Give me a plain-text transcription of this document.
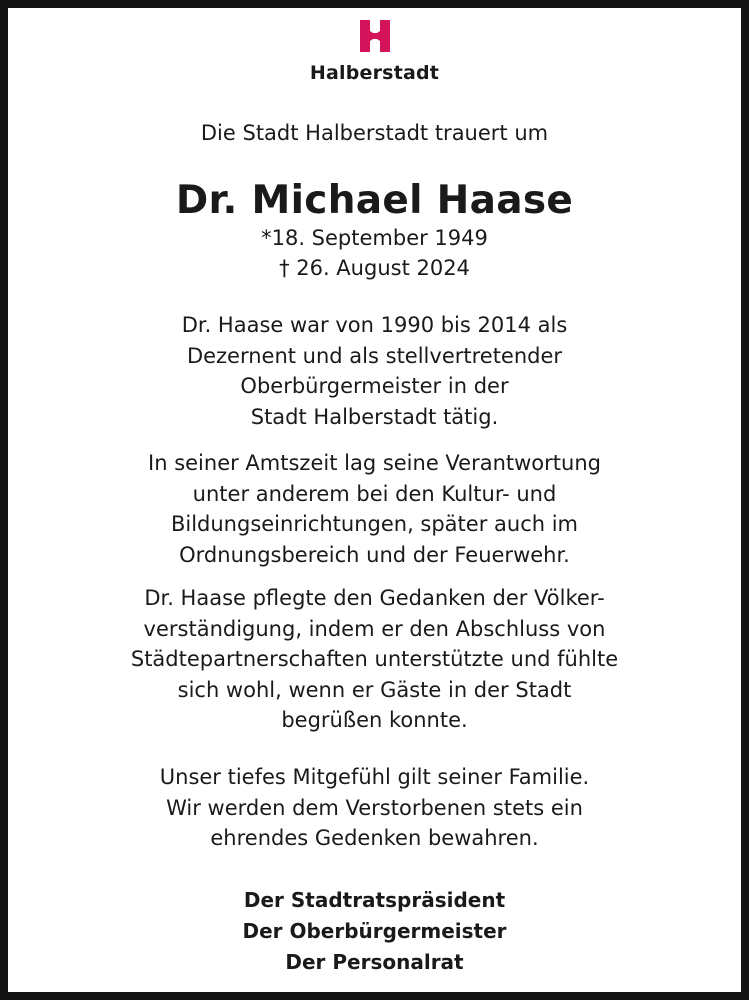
Halberstadt
Die Stadt Halberstadt trauert um
Dr. Michael Haase
*18. September 1949
† 26. August 2024
Dr. Haase war von 1990 bis 2014 als
Dezernent und als stellvertretender
Oberbürgermeister in der
Stadt Halberstadt tätig.
In seiner Amtszeit lag seine Verantwortung
unter anderem bei den Kultur- und
Bildungseinrichtungen, später auch im
Ordnungsbereich und der Feuerwehr.
Dr. Haase pflegte den Gedanken der Völker-
verständigung, indem er den Abschluss von
Städtepartnerschaften unterstützte und fühlte
sich wohl, wenn er Gäste in der Stadt
begrüßen konnte.
Unser tiefes Mitgefühl gilt seiner Familie.
Wir werden dem Verstorbenen stets ein
ehrendes Gedenken bewahren.
Der Stadtratspräsident
Der Oberbürgermeister
Der Personalrat
